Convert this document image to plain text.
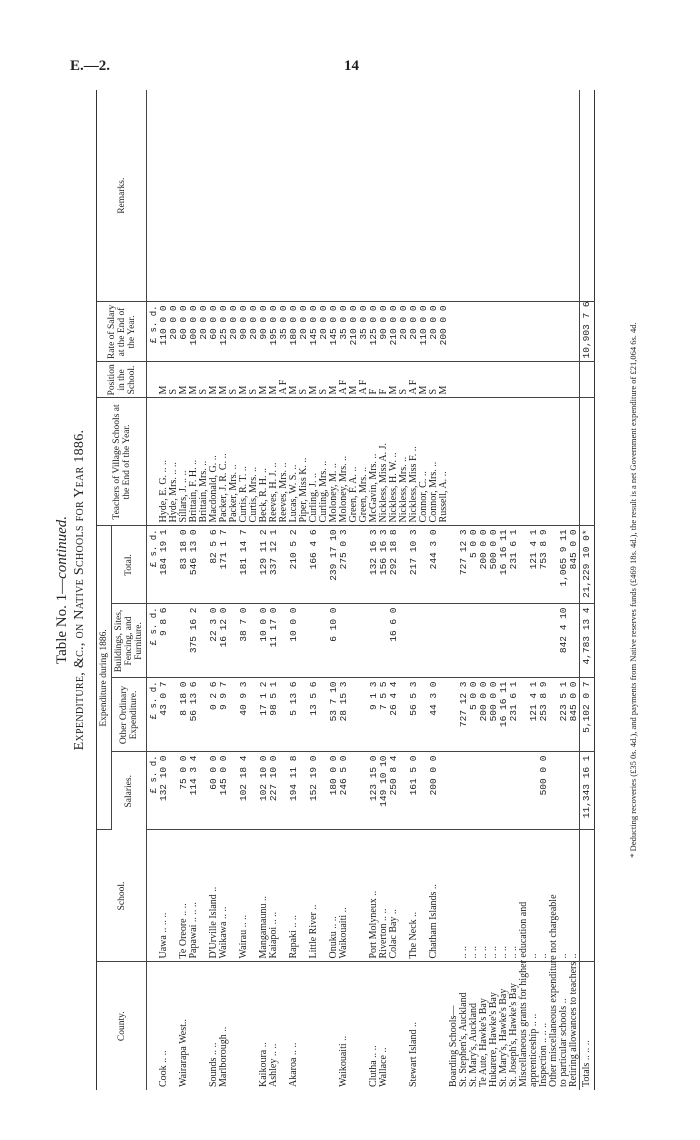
E.—2.	14
Table No. 1—continued. Expenditure, &c., on Native Schools for Year 1886.
County.	School.	Expenditure during 1886.				Teachers of Village Schools at the End of the Year.	Position in the School.	Rate of Salary at the End of the Year.	Remarks.
		Salaries.	Other Ordinary Expenditure.	Buildings, Sites, Fencing, and Furniture.	Total.				
		£ s. d.	£ s. d.	£ s. d.	£ s. d.			£ s. d.	
Cook .. ..	Uawa .. .. ..	132 10 0	43 0 7	9 8 6	184 19 1	Hyde, E. G. .. ..	M	110 0 0	
						Hyde, Mrs. .. ..	S	20 0 0	
Wairarapa West..	Te Oreore .. ..	75 0 0	8 18 0		83 18 0	Sillars, J. .. ..	M	60 0 0	
	Papawai .. .. ..	114 3 4	56 13 6	375 16 2	546 13 0	Brittain, F. H. ..	M	100 0 0	
						Brittain, Mrs. ..	S	20 0 0	
Sounds .. ..	D'Urville Island ..	60 0 0	0 2 6	22 3 0	82 5 6	Macdonald, G. ..	M	60 0 0	
Marlborough ..	Waikawa .. ..	145 0 0	9 9 7	16 12 0	171 1 7	Packer, J. R. C. ..	M	125 0 0	
						Packer, Mrs. ..	S	20 0 0	
	Wairau .. ..	102 18 4	40 9 3	38 7 0	181 14 7	Curtis, R. T. ..	M	90 0 0	
						Curtis, Mrs. ..	S	20 0 0	
Kaikoura ..	Mangamaunu ..	102 10 0	17 1 2	10 0 0	129 11 2	Beck, R. H. ..	M	90 0 0	
Ashley .. ..	Kaiapoi .. ..	227 10 0	98 5 1	11 17 0	337 12 1	Reeves, H. J. ..	M	195 0 0	
						Reeves, Mrs. ..	A F	35 0 0	
Akaroa .. ..	Rapaki .. ..	194 11 8	5 13 6	10 0 0	210 5 2	Lucas, W. S. ..	M	180 0 0	
						Piper, Miss K. ..	S	20 0 0	
	Little River ..	152 19 0	13 5 6		166 4 6	Curling, J. ..	M	145 0 0	
						Curling, Mrs. ..	S	20 0 0	
	Onuku .. ..	180 0 0	53 7 10	6 10 0	239 17 10	Moloney, M. ..	M	145 0 0	
Waikouaiti ..	Waikouaiti ..	246 5 0	28 15 3		275 0 3	Moloney, Mrs. ..	A F	35 0 0	
						Green, F. A. ..	M	210 0 0	
						Green, Mrs. ..	A F	35 0 0	
Clutha .. ..	Port Molyneux ..	123 15 0	9 1 3		132 16 3	McGavin, Mrs. ..	F	125 0 0	
Wallace ..	Riverton .. ..	149 10 10	7 5 5		156 16 3	Nickless, Miss A. J.	F	90 0 0	
	Colac Bay ..	250 8 4	26 4 4	16 6 0	292 18 8	Nickless, H. W. ..	M	210 0 0	
						Nickless, Mrs. ..	S	20 0 0	
Stewart Island ..	The Neck ..	161 5 0	56 5 3		217 10 3	Nickless, Miss F. ..	A F	20 0 0	
						Connor, C. ..	M	110 0 0	
	Chatham Islands ..	200 0 0	44 3 0		244 3 0	Connor, Mrs. ..	S	20 0 0	
						Russell, A. ..	M	200 0 0	
Boarding Schools—									
St. Stephen's, Auckland	.. ..		727 12 3		727 12 3				
St. Mary's, Auckland	.. ..		5 0 0		5 0 0				
Te Aute, Hawke's Bay	.. ..		200 0 0		200 0 0				
Hukarere, Hawke's Bay	.. ..		500 0 0		500 0 0				
St. Mary's, Hawke's Bay	.. ..		16 16 11		16 16 11				
St. Joseph's, Hawke's Bay	.. ..		231 6 1		231 6 1				
Miscellaneous grants for higher education and									
apprenticeship .. ..	..		121 4 1		121 4 1				
Inspection .. .. ..	..	500 0 0	253 8 9		753 8 9				
Other miscellaneous expenditure not chargeable									
to particular schools ..	..		223 5 1	842 4 10	1,065 9 11				
Retiring allowances to teachers	..		845 0 0		845 0 0				
Totals .. .. ..		11,343 16 1	5,102 0 7	4,783 13 4	21,229 10 0*			10,903 7 6		* Deducting recoveries (£35 0s. 4d.), and payments from Native reserves funds (£469 18s. 4d.), the result is a net Government expenditure of £21,064 6s. 4d.
